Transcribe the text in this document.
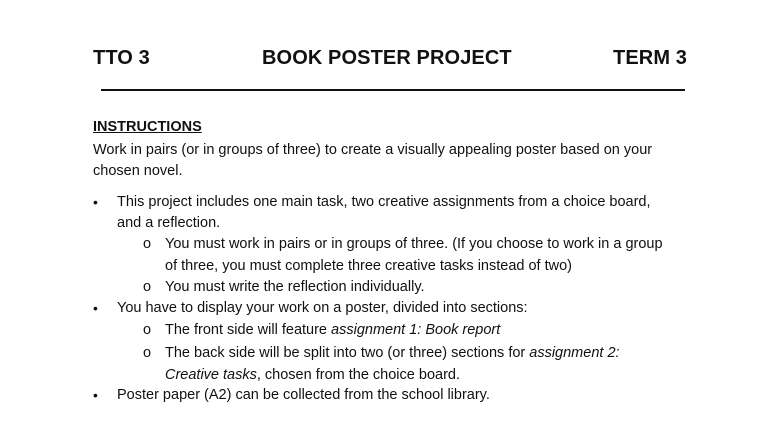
TTO 3	BOOK POSTER PROJECT	TERM 3
INSTRUCTIONS
Work in pairs (or in groups of three) to create a visually appealing poster based on your chosen novel.
•	This project includes one main task, two creative assignments from a choice board, and a reflection.
o You must work in pairs or in groups of three. (If you choose to work in a group of three, you must complete three creative tasks instead of two)
o You must write the reflection individually.
•	You have to display your work on a poster, divided into sections:
o The front side will feature assignment 1: Book report
o The back side will be split into two (or three) sections for assignment 2: Creative tasks, chosen from the choice board.
•	Poster paper (A2) can be collected from the school library.
